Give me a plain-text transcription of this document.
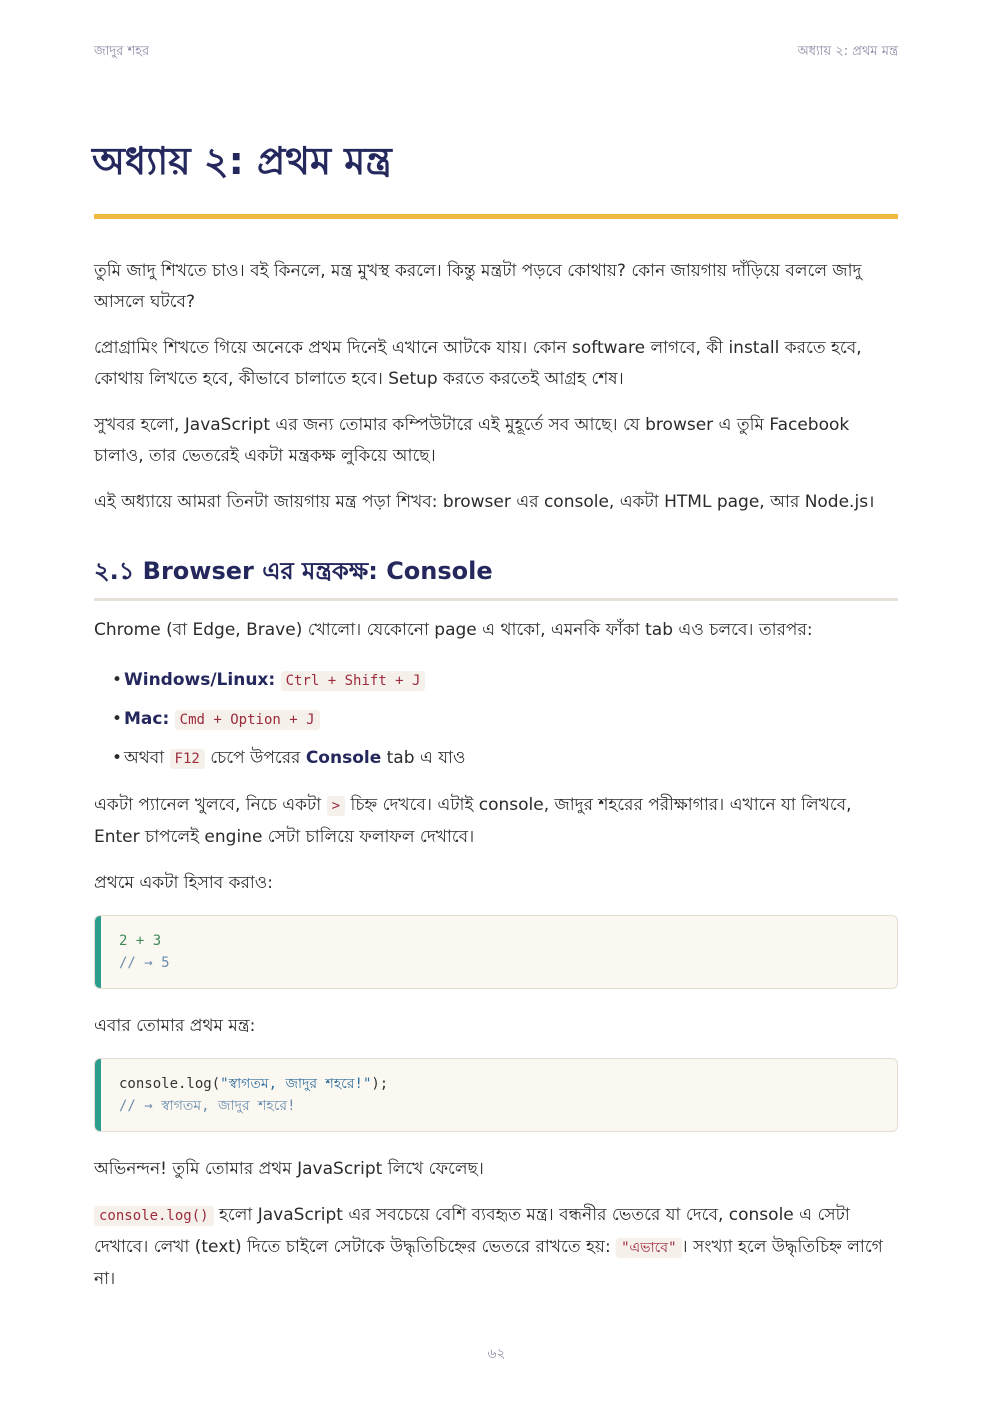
জাদুর শহর	অধ্যায় ২: প্রথম মন্ত্র
অধ্যায় ২: প্রথম মন্ত্র

তুমি জাদু শিখতে চাও। বই কিনলে, মন্ত্র মুখস্থ করলে। কিন্তু মন্ত্রটা পড়বে কোথায়? কোন জায়গায় দাঁড়িয়ে বললে জাদু আসলে ঘটবে?

প্রোগ্রামিং শিখতে গিয়ে অনেকে প্রথম দিনেই এখানে আটকে যায়। কোন software লাগবে, কী install করতে হবে, কোথায় লিখতে হবে, কীভাবে চালাতে হবে। Setup করতে করতেই আগ্রহ শেষ।

সুখবর হলো, JavaScript এর জন্য তোমার কম্পিউটারে এই মুহূর্তে সব আছে। যে browser এ তুমি Facebook চালাও, তার ভেতরেই একটা মন্ত্রকক্ষ লুকিয়ে আছে।

এই অধ্যায়ে আমরা তিনটা জায়গায় মন্ত্র পড়া শিখব: browser এর console, একটা HTML page, আর Node.js।

২.১ Browser এর মন্ত্রকক্ষ: Console

Chrome (বা Edge, Brave) খোলো। যেকোনো page এ থাকো, এমনকি ফাঁকা tab এও চলবে। তারপর:

• Windows/Linux: Ctrl + Shift + J
• Mac: Cmd + Option + J
• অথবা F12 চেপে উপরের Console tab এ যাও

একটা প্যানেল খুলবে, নিচে একটা > চিহ্ন দেখবে। এটাই console, জাদুর শহরের পরীক্ষাগার। এখানে যা লিখবে, Enter চাপলেই engine সেটা চালিয়ে ফলাফল দেখাবে।

প্রথমে একটা হিসাব করাও:

2 + 3
// → 5

এবার তোমার প্রথম মন্ত্র:

console.log("স্বাগতম, জাদুর শহরে!");
// → স্বাগতম, জাদুর শহরে!

অভিনন্দন! তুমি তোমার প্রথম JavaScript লিখে ফেলেছ।

console.log() হলো JavaScript এর সবচেয়ে বেশি ব্যবহৃত মন্ত্র। বন্ধনীর ভেতরে যা দেবে, console এ সেটা দেখাবে। লেখা (text) দিতে চাইলে সেটাকে উদ্ধৃতিচিহ্নের ভেতরে রাখতে হয়: "এভাবে" । সংখ্যা হলে উদ্ধৃতিচিহ্ন লাগে না।

৬২
